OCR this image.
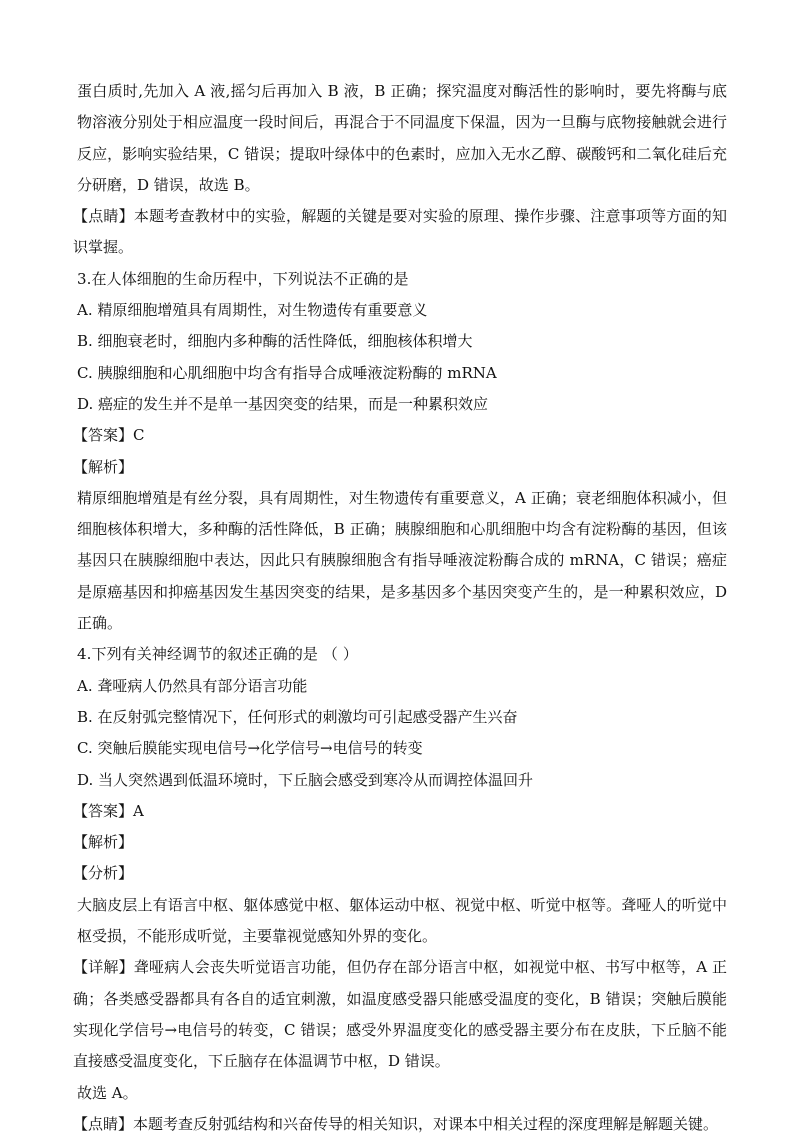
蛋白质时,先加入 A 液,摇匀后再加入 B 液，B 正确；探究温度对酶活性的影响时，要先将酶与底物溶液分别处于相应温度一段时间后，再混合于不同温度下保温，因为一旦酶与底物接触就会进行反应，影响实验结果，C 错误；提取叶绿体中的色素时，应加入无水乙醇、碳酸钙和二氧化硅后充分研磨，D 错误，故选 B。

【点睛】本题考查教材中的实验，解题的关键是要对实验的原理、操作步骤、注意事项等方面的知识掌握。

3.在人体细胞的生命历程中，下列说法不正确的是

A. 精原细胞增殖具有周期性，对生物遗传有重要意义

B. 细胞衰老时，细胞内多种酶的活性降低，细胞核体积增大

C. 胰腺细胞和心肌细胞中均含有指导合成唾液淀粉酶的 mRNA

D. 癌症的发生并不是单一基因突变的结果，而是一种累积效应

【答案】C

【解析】

精原细胞增殖是有丝分裂，具有周期性，对生物遗传有重要意义，A 正确；衰老细胞体积减小，但细胞核体积增大，多种酶的活性降低，B 正确；胰腺细胞和心肌细胞中均含有淀粉酶的基因，但该基因只在胰腺细胞中表达，因此只有胰腺细胞含有指导唾液淀粉酶合成的 mRNA，C 错误；癌症是原癌基因和抑癌基因发生基因突变的结果，是多基因多个基因突变产生的，是一种累积效应，D 正确。

4.下列有关神经调节的叙述正确的是 （ ）

A. 聋哑病人仍然具有部分语言功能

B. 在反射弧完整情况下，任何形式的刺激均可引起感受器产生兴奋

C. 突触后膜能实现电信号→化学信号→电信号的转变

D. 当人突然遇到低温环境时，下丘脑会感受到寒冷从而调控体温回升

【答案】A

【解析】

【分析】

大脑皮层上有语言中枢、躯体感觉中枢、躯体运动中枢、视觉中枢、听觉中枢等。聋哑人的听觉中枢受损，不能形成听觉，主要靠视觉感知外界的变化。

【详解】聋哑病人会丧失听觉语言功能，但仍存在部分语言中枢，如视觉中枢、书写中枢等，A 正确；各类感受器都具有各自的适宜刺激，如温度感受器只能感受温度的变化，B 错误；突触后膜能实现化学信号→电信号的转变，C 错误；感受外界温度变化的感受器主要分布在皮肤，下丘脑不能直接感受温度变化，下丘脑存在体温调节中枢，D 错误。

故选 A。

【点睛】本题考查反射弧结构和兴奋传导的相关知识，对课本中相关过程的深度理解是解题关键。
